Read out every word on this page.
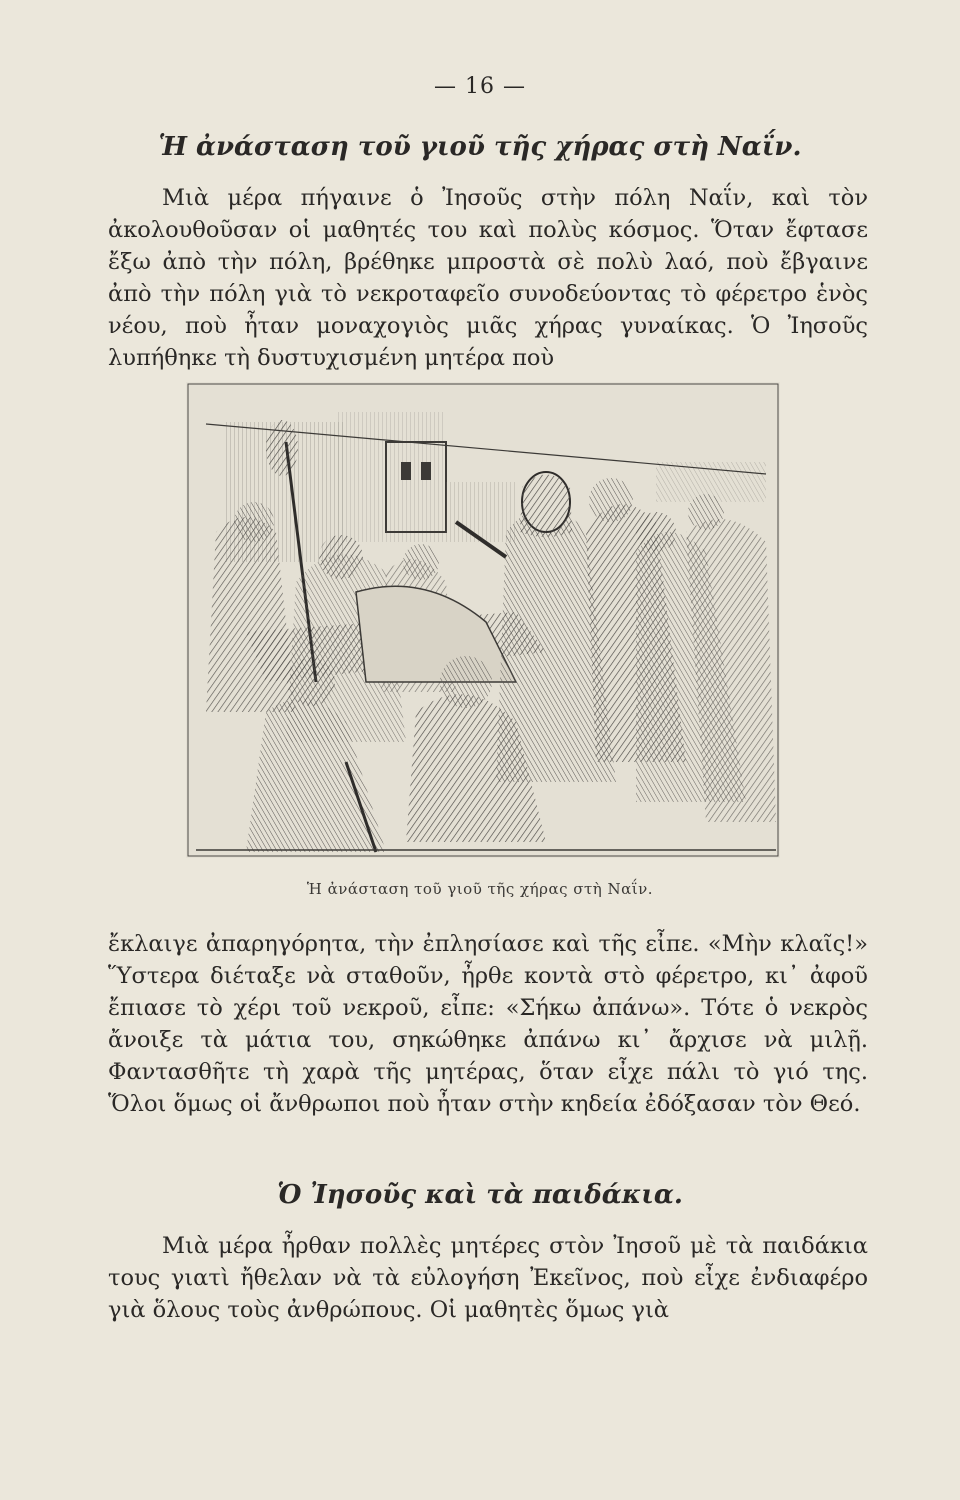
— 16 —
Ἡ ἀνάσταση τοῦ γιοῦ τῆς χήρας στὴ Ναΐν.

Μιὰ μέρα πήγαινε ὁ Ἰησοῦς στὴν πόλη Ναΐν, καὶ τὸν ἀκολουθοῦσαν οἱ μαθητές του καὶ πολὺς κόσμος. Ὅταν ἔφτασε ἔξω ἀπὸ τὴν πόλη, βρέθηκε μπροστὰ σὲ πολὺ λαό, ποὺ ἔβγαινε ἀπὸ τὴν πόλη γιὰ τὸ νεκροταφεῖο συνοδεύοντας τὸ φέρετρο ἑνὸς νέου, ποὺ ἦταν μοναχογιὸς μιᾶς χήρας γυναίκας. Ὁ Ἰησοῦς λυπήθηκε τὴ δυστυχισμένη μητέρα ποὺ

Ἡ ἀνάσταση τοῦ γιοῦ τῆς χήρας στὴ Ναΐν.

ἔκλαιγε ἀπαρηγόρητα, τὴν ἐπλησίασε καὶ τῆς εἶπε. «Μὴν κλαῖς!» Ὕστερα διέταξε νὰ σταθοῦν, ἦρθε κοντὰ στὸ φέρετρο, κι᾽ ἀφοῦ ἔπιασε τὸ χέρι τοῦ νεκροῦ, εἶπε: «Σήκω ἀπάνω». Τότε ὁ νεκρὸς ἄνοιξε τὰ μάτια του, σηκώθηκε ἀπάνω κι᾽ ἄρχισε νὰ μιλῇ. Φαντασθῆτε τὴ χαρὰ τῆς μητέρας, ὅταν εἶχε πάλι τὸ γιό της. Ὅλοι ὅμως οἱ ἄνθρωποι ποὺ ἦταν στὴν κηδεία ἐδόξασαν τὸν Θεό.

Ὁ Ἰησοῦς καὶ τὰ παιδάκια.

Μιὰ μέρα ἦρθαν πολλὲς μητέρες στὸν Ἰησοῦ μὲ τὰ παιδάκια τους γιατὶ ἤθελαν νὰ τὰ εὐλογήση Ἐκεῖνος, ποὺ εἶχε ἐνδιαφέρο γιὰ ὅλους τοὺς ἀνθρώπους. Οἱ μαθητὲς ὅμως γιὰ
